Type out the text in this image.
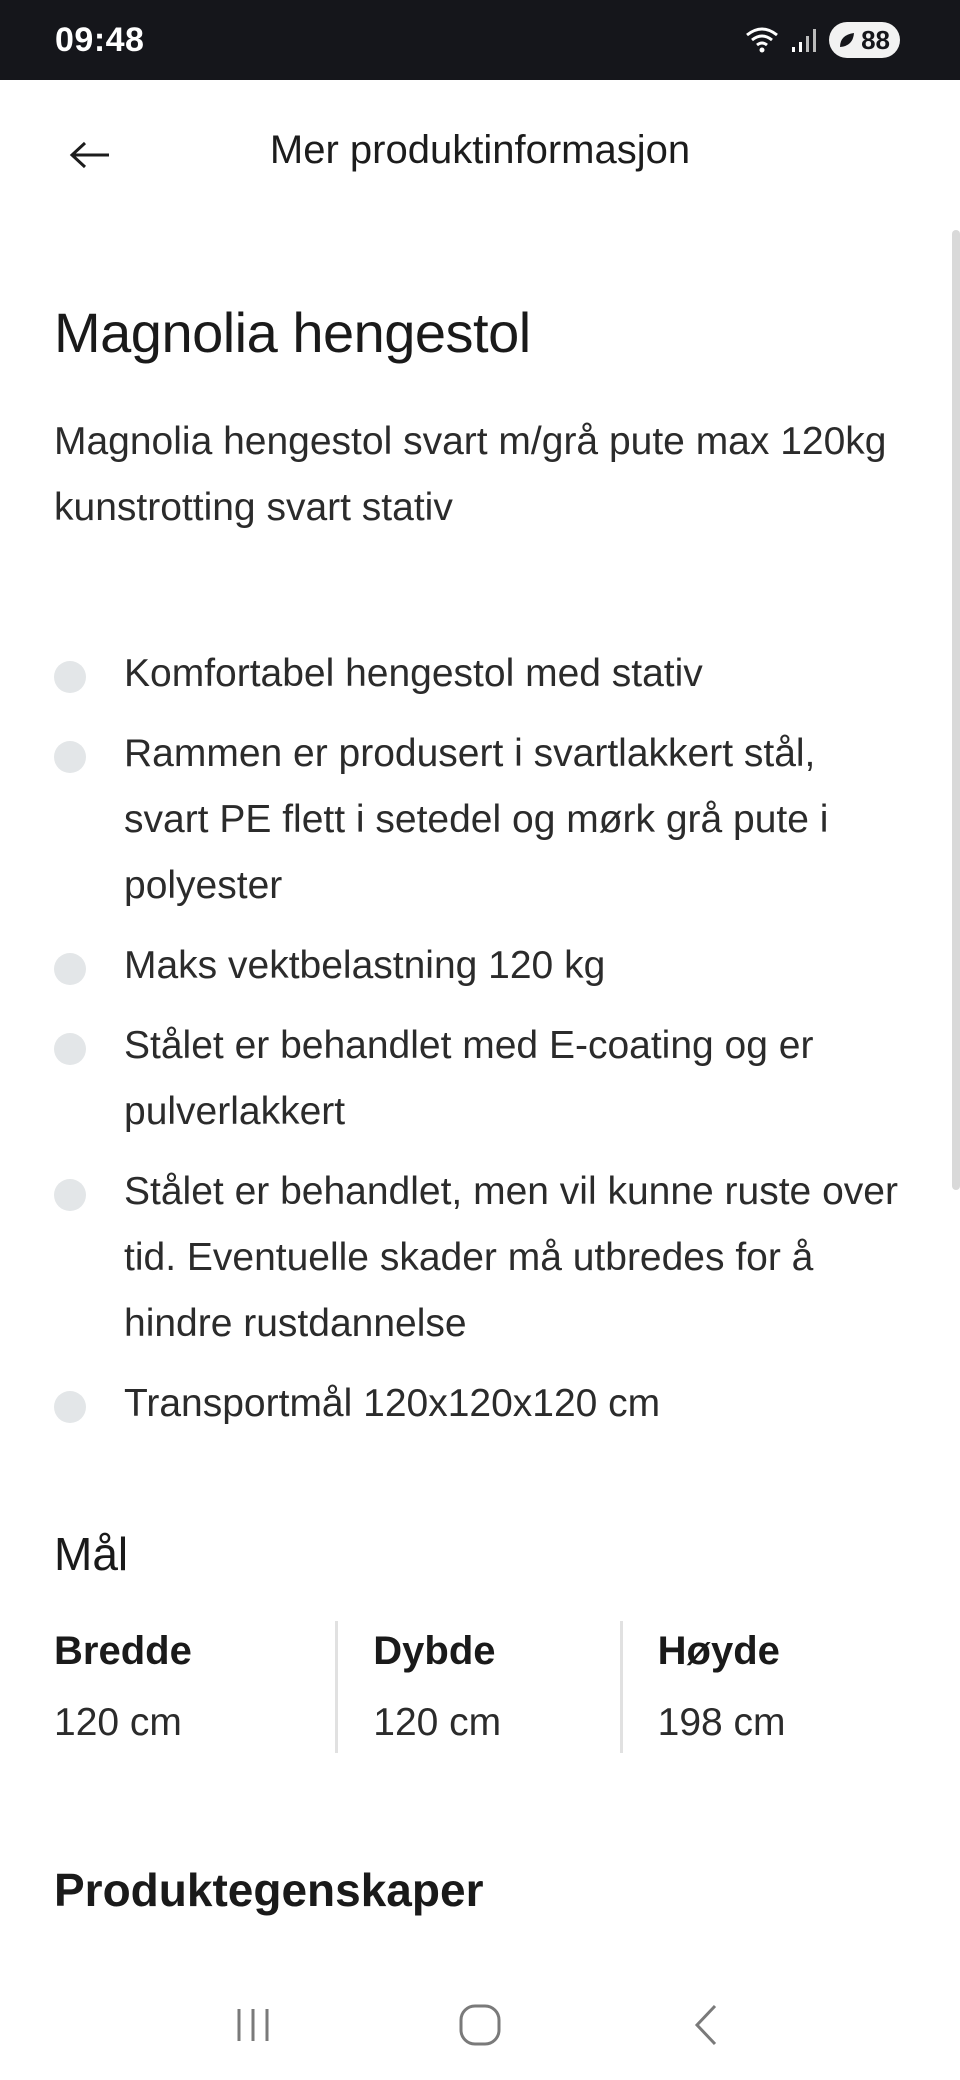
09:48	88
Mer produktinformasjon
Magnolia hengestol

Magnolia hengestol svart m/grå pute max 120kg kunstrotting svart stativ

Komfortabel hengestol med stativ
Rammen er produsert i svartlakkert stål, svart PE flett i setedel og mørk grå pute i polyester
Maks vektbelastning 120 kg
Stålet er behandlet med E-coating og er pulverlakkert
Stålet er behandlet, men vil kunne ruste over tid. Eventuelle skader må utbredes for å hindre rustdannelse
Transportmål 120x120x120 cm
Mål
Bredde
120 cm
Dybde
120 cm
Høyde
198 cm
Produktegenskaper
